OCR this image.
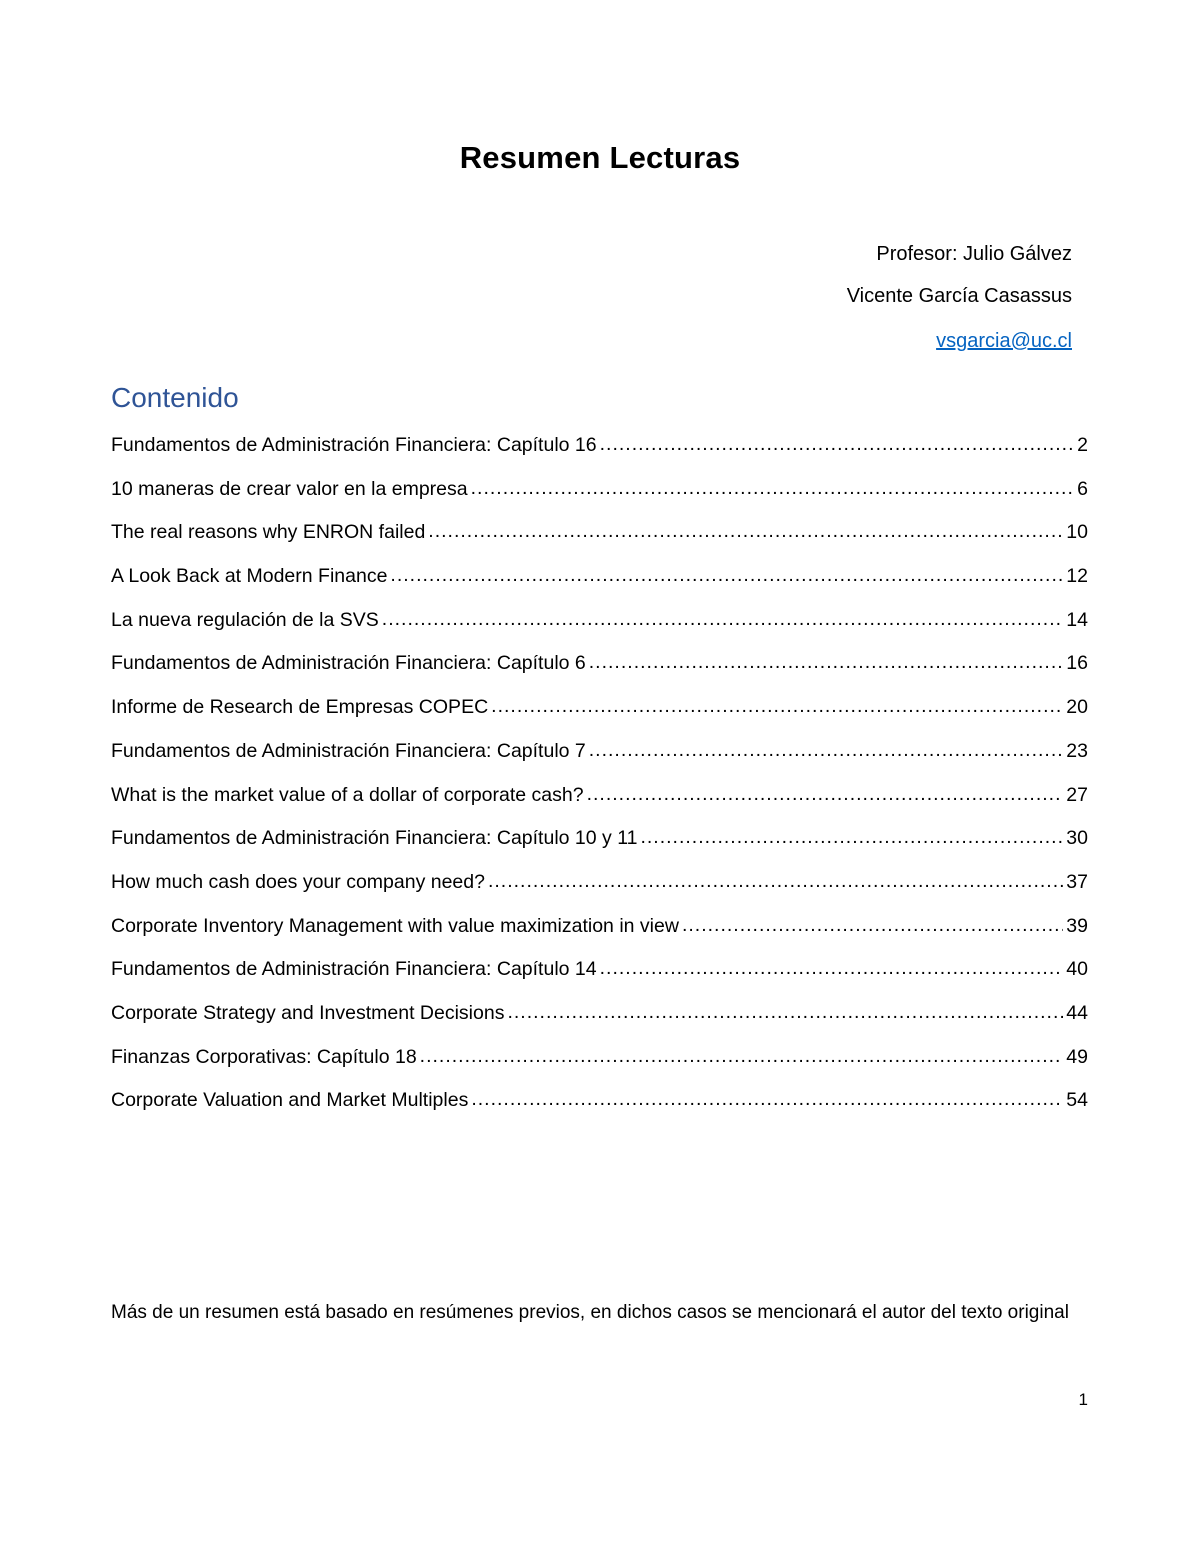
Resumen Lecturas
Profesor: Julio Gálvez
Vicente García Casassus
vsgarcia@uc.cl
Contenido
Fundamentos de Administración Financiera: Capítulo 16 .....	2
10 maneras de crear valor en la empresa .....	6
The real reasons why ENRON failed .....	10
A Look Back at Modern Finance .....	12
La nueva regulación de la SVS .....	14
Fundamentos de Administración Financiera: Capítulo 6 .....	16
Informe de Research de Empresas COPEC .....	20
Fundamentos de Administración Financiera: Capítulo 7 .....	23
What is the market value of a dollar of corporate cash? .....	27
Fundamentos de Administración Financiera: Capítulo 10 y 11 .....	30
How much cash does your company need? .....	37
Corporate Inventory Management with value maximization in view .....	39
Fundamentos de Administración Financiera: Capítulo 14 .....	40
Corporate Strategy and Investment Decisions .....	44
Finanzas Corporativas: Capítulo 18 .....	49
Corporate Valuation and Market Multiples .....	54
Más de un resumen está basado en resúmenes previos, en dichos casos se mencionará el autor del texto original
1
